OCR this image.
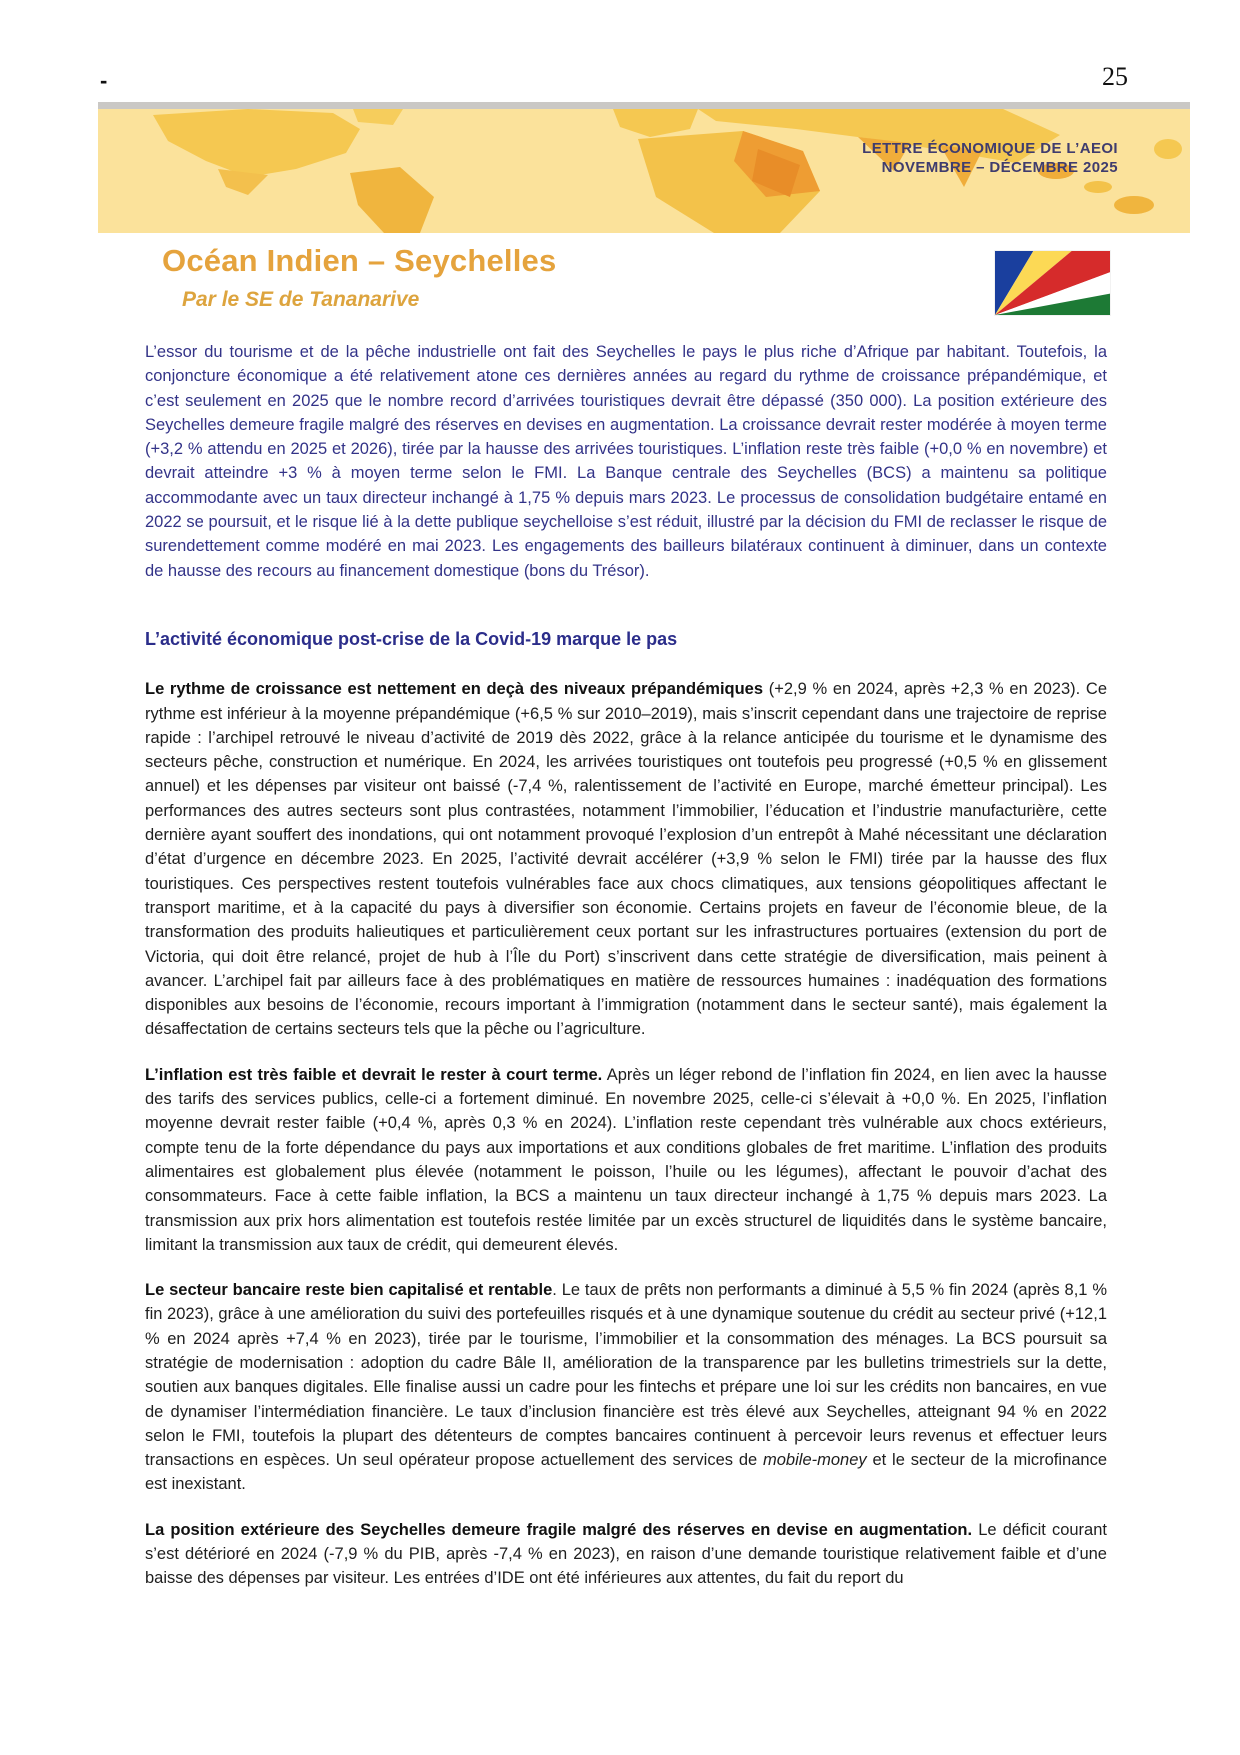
-	25
LETTRE ÉCONOMIQUE DE L’AEOI
NOVEMBRE – DÉCEMBRE 2025
Océan Indien – Seychelles
Par le SE de Tananarive

L’essor du tourisme et de la pêche industrielle ont fait des Seychelles le pays le plus riche d’Afrique par habitant. Toutefois, la conjoncture économique a été relativement atone ces dernières années au regard du rythme de croissance prépandémique, et c’est seulement en 2025 que le nombre record d’arrivées touristiques devrait être dépassé (350 000). La position extérieure des Seychelles demeure fragile malgré des réserves en devises en augmentation. La croissance devrait rester modérée à moyen terme (+3,2 % attendu en 2025 et 2026), tirée par la hausse des arrivées touristiques. L’inflation reste très faible (+0,0 % en novembre) et devrait atteindre +3 % à moyen terme selon le FMI. La Banque centrale des Seychelles (BCS) a maintenu sa politique accommodante avec un taux directeur inchangé à 1,75 % depuis mars 2023. Le processus de consolidation budgétaire entamé en 2022 se poursuit, et le risque lié à la dette publique seychelloise s’est réduit, illustré par la décision du FMI de reclasser le risque de surendettement comme modéré en mai 2023. Les engagements des bailleurs bilatéraux continuent à diminuer, dans un contexte de hausse des recours au financement domestique (bons du Trésor).

L’activité économique post-crise de la Covid-19 marque le pas

Le rythme de croissance est nettement en deçà des niveaux prépandémiques (+2,9 % en 2024, après +2,3 % en 2023). Ce rythme est inférieur à la moyenne prépandémique (+6,5 % sur 2010–2019), mais s’inscrit cependant dans une trajectoire de reprise rapide : l’archipel retrouvé le niveau d’activité de 2019 dès 2022, grâce à la relance anticipée du tourisme et le dynamisme des secteurs pêche, construction et numérique. En 2024, les arrivées touristiques ont toutefois peu progressé (+0,5 % en glissement annuel) et les dépenses par visiteur ont baissé (-7,4 %, ralentissement de l’activité en Europe, marché émetteur principal). Les performances des autres secteurs sont plus contrastées, notamment l’immobilier, l’éducation et l’industrie manufacturière, cette dernière ayant souffert des inondations, qui ont notamment provoqué l’explosion d’un entrepôt à Mahé nécessitant une déclaration d’état d’urgence en décembre 2023. En 2025, l’activité devrait accélérer (+3,9 % selon le FMI) tirée par la hausse des flux touristiques. Ces perspectives restent toutefois vulnérables face aux chocs climatiques, aux tensions géopolitiques affectant le transport maritime, et à la capacité du pays à diversifier son économie. Certains projets en faveur de l’économie bleue, de la transformation des produits halieutiques et particulièrement ceux portant sur les infrastructures portuaires (extension du port de Victoria, qui doit être relancé, projet de hub à l’Île du Port) s’inscrivent dans cette stratégie de diversification, mais peinent à avancer. L’archipel fait par ailleurs face à des problématiques en matière de ressources humaines : inadéquation des formations disponibles aux besoins de l’économie, recours important à l’immigration (notamment dans le secteur santé), mais également la désaffectation de certains secteurs tels que la pêche ou l’agriculture.

L’inflation est très faible et devrait le rester à court terme. Après un léger rebond de l’inflation fin 2024, en lien avec la hausse des tarifs des services publics, celle-ci a fortement diminué. En novembre 2025, celle-ci s’élevait à +0,0 %. En 2025, l’inflation moyenne devrait rester faible (+0,4 %, après 0,3 % en 2024). L’inflation reste cependant très vulnérable aux chocs extérieurs, compte tenu de la forte dépendance du pays aux importations et aux conditions globales de fret maritime. L’inflation des produits alimentaires est globalement plus élevée (notamment le poisson, l’huile ou les légumes), affectant le pouvoir d’achat des consommateurs. Face à cette faible inflation, la BCS a maintenu un taux directeur inchangé à 1,75 % depuis mars 2023. La transmission aux prix hors alimentation est toutefois restée limitée par un excès structurel de liquidités dans le système bancaire, limitant la transmission aux taux de crédit, qui demeurent élevés.

Le secteur bancaire reste bien capitalisé et rentable. Le taux de prêts non performants a diminué à 5,5 % fin 2024 (après 8,1 % fin 2023), grâce à une amélioration du suivi des portefeuilles risqués et à une dynamique soutenue du crédit au secteur privé (+12,1 % en 2024 après +7,4 % en 2023), tirée par le tourisme, l’immobilier et la consommation des ménages. La BCS poursuit sa stratégie de modernisation : adoption du cadre Bâle II, amélioration de la transparence par les bulletins trimestriels sur la dette, soutien aux banques digitales. Elle finalise aussi un cadre pour les fintechs et prépare une loi sur les crédits non bancaires, en vue de dynamiser l’intermédiation financière. Le taux d’inclusion financière est très élevé aux Seychelles, atteignant 94 % en 2022 selon le FMI, toutefois la plupart des détenteurs de comptes bancaires continuent à percevoir leurs revenus et effectuer leurs transactions en espèces. Un seul opérateur propose actuellement des services de mobile-money et le secteur de la microfinance est inexistant.

La position extérieure des Seychelles demeure fragile malgré des réserves en devise en augmentation. Le déficit courant s’est détérioré en 2024 (-7,9 % du PIB, après -7,4 % en 2023), en raison d’une demande touristique relativement faible et d’une baisse des dépenses par visiteur. Les entrées d’IDE ont été inférieures aux attentes, du fait du report du
